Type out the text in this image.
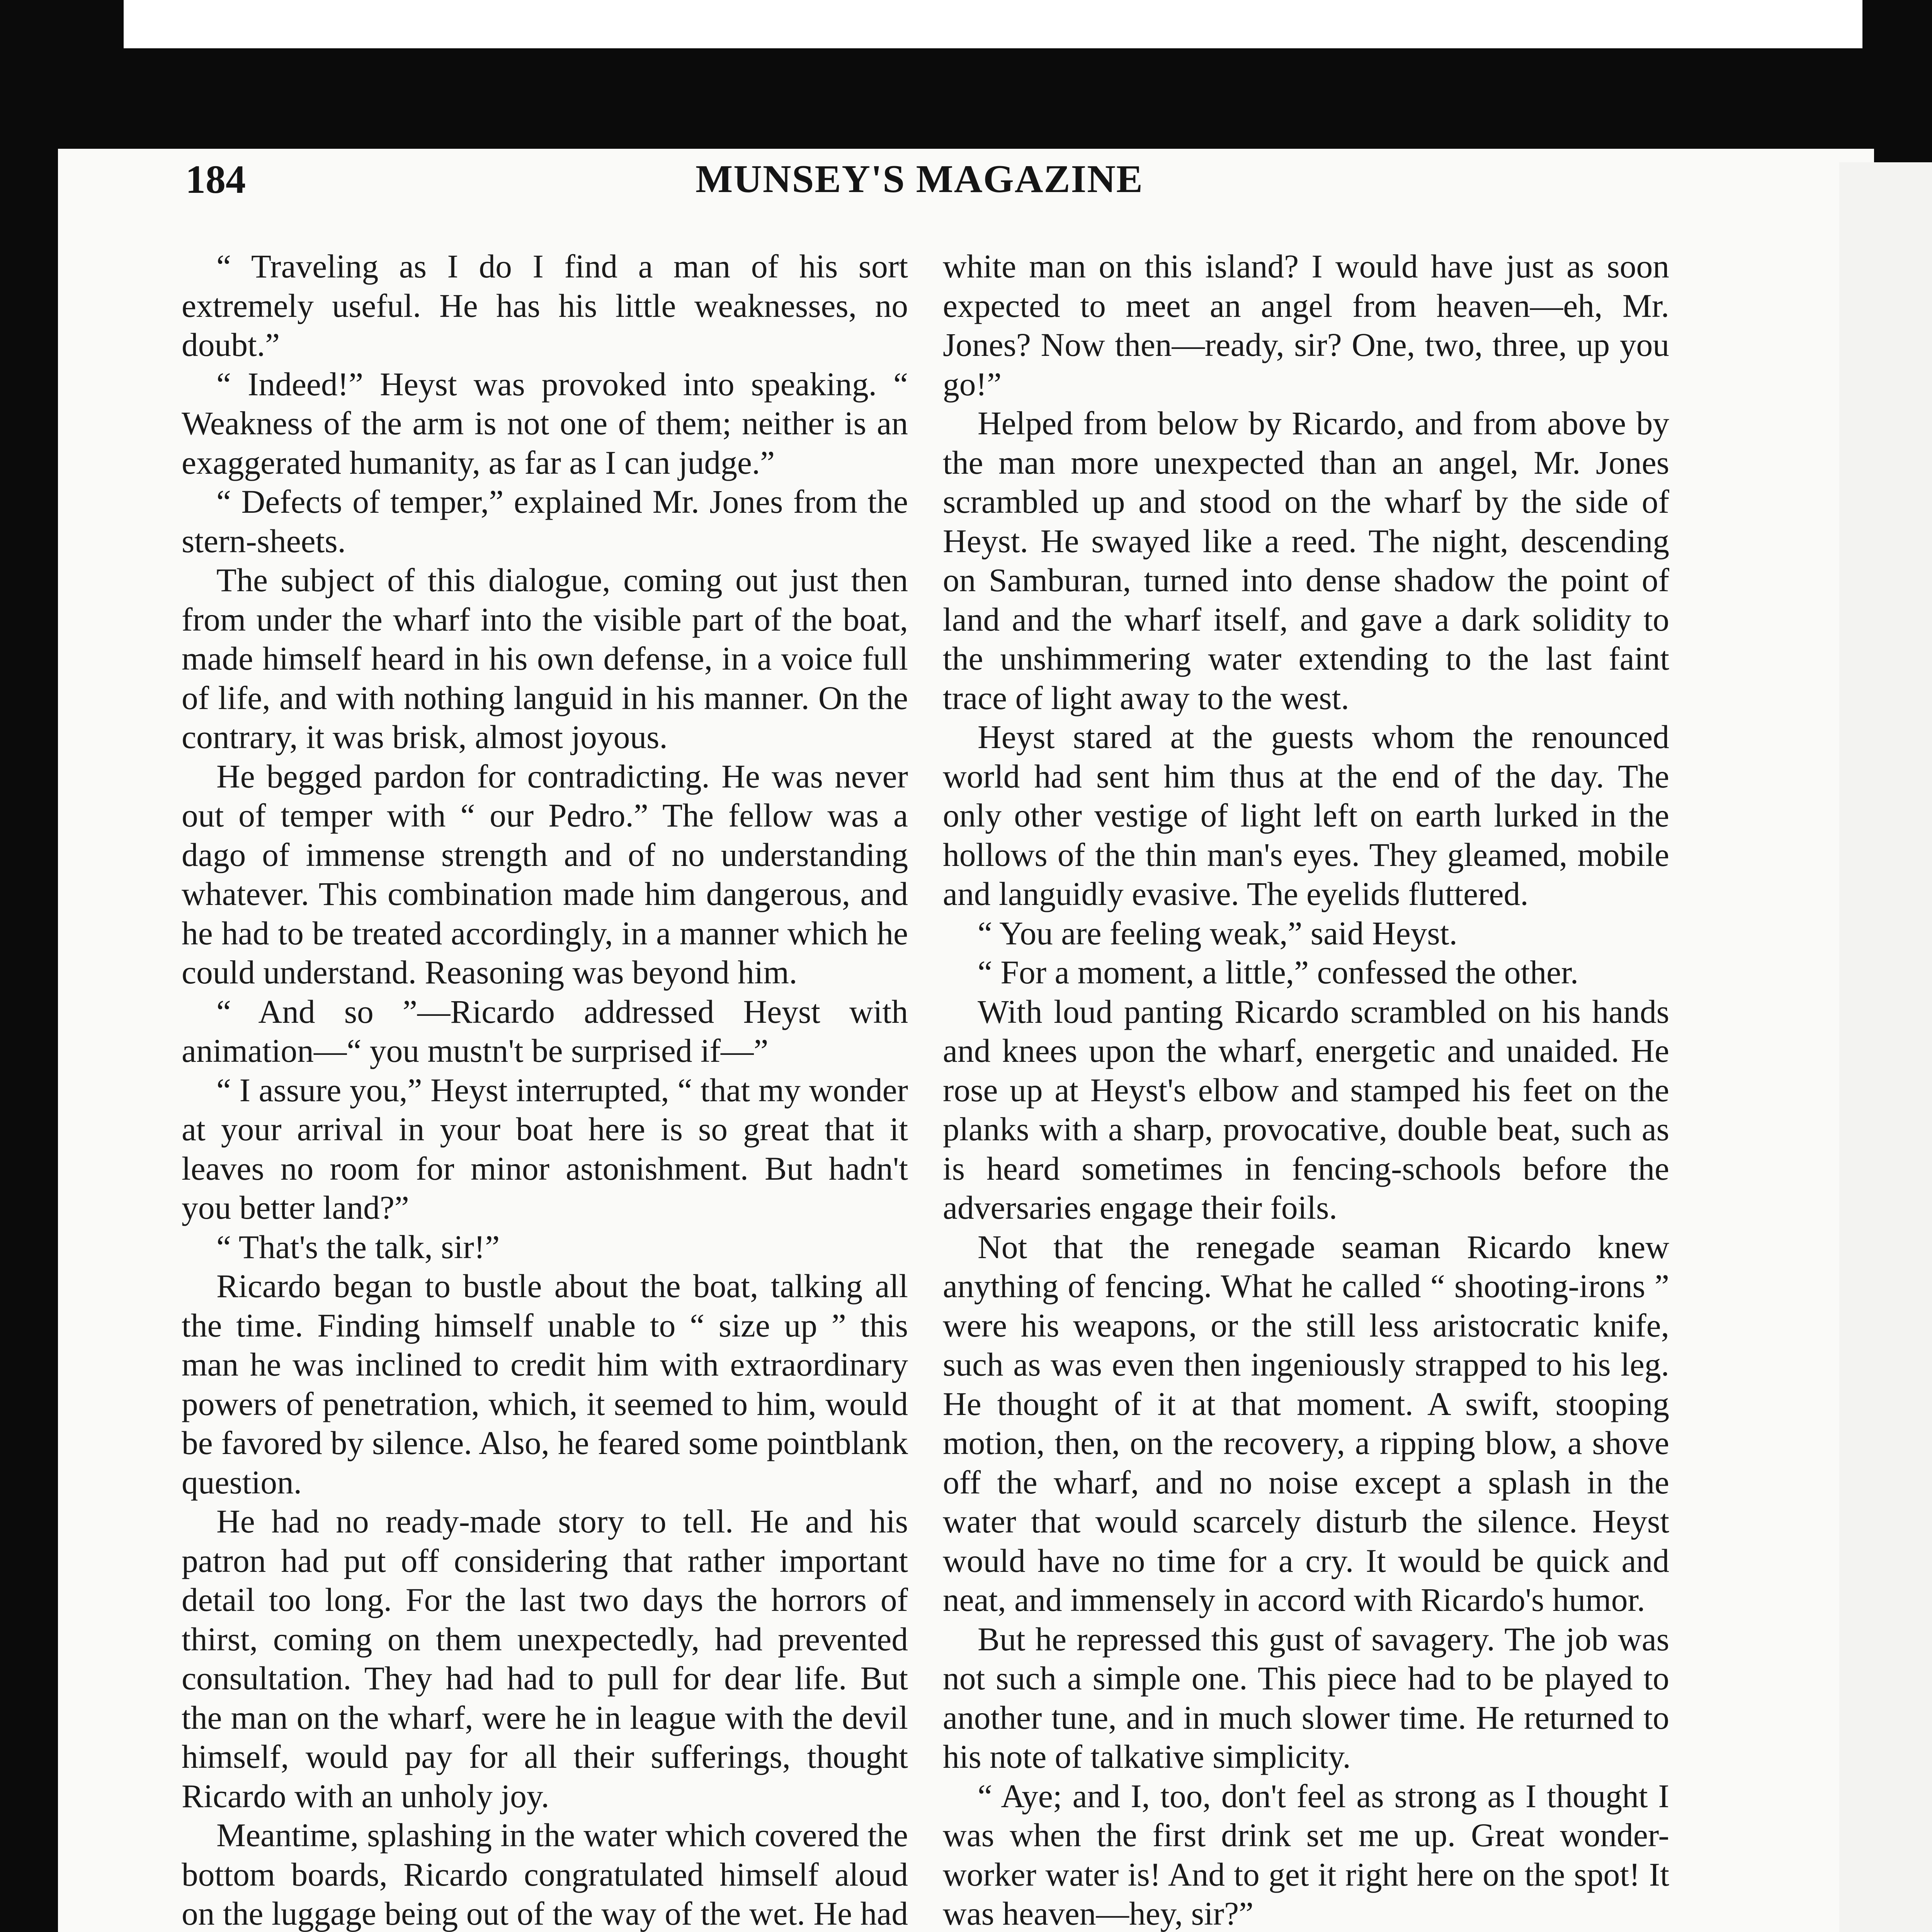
184	MUNSEY'S MAGAZINE

“ Traveling as I do I find a man of his sort extremely useful. He has his little weaknesses, no doubt.”

“ Indeed!” Heyst was provoked into speaking. “ Weakness of the arm is not one of them; neither is an exaggerated humanity, as far as I can judge.”

“ Defects of temper,” explained Mr. Jones from the stern-sheets.

The subject of this dialogue, coming out just then from under the wharf into the visible part of the boat, made himself heard in his own defense, in a voice full of life, and with nothing languid in his manner. On the contrary, it was brisk, almost joyous.

He begged pardon for contradicting. He was never out of temper with “ our Pedro.” The fellow was a dago of immense strength and of no understanding whatever. This combination made him dangerous, and he had to be treated accordingly, in a manner which he could understand. Reasoning was beyond him.

“ And so ”—Ricardo addressed Heyst with animation—“ you mustn't be surprised if—”

“ I assure you,” Heyst interrupted, “ that my wonder at your arrival in your boat here is so great that it leaves no room for minor astonishment. But hadn't you better land?”

“ That's the talk, sir!”

Ricardo began to bustle about the boat, talking all the time. Finding himself unable to “ size up ” this man he was inclined to credit him with extraordinary powers of penetration, which, it seemed to him, would be favored by silence. Also, he feared some pointblank question.

He had no ready-made story to tell. He and his patron had put off considering that rather important detail too long. For the last two days the horrors of thirst, coming on them unexpectedly, had prevented consultation. They had had to pull for dear life. But the man on the wharf, were he in league with the devil himself, would pay for all their sufferings, thought Ricardo with an unholy joy.

Meantime, splashing in the water which covered the bottom boards, Ricardo congratulated himself aloud on the luggage being out of the way of the wet. He had

white man on this island? I would have just as soon expected to meet an angel from heaven—eh, Mr. Jones? Now then—ready, sir? One, two, three, up you go!”

Helped from below by Ricardo, and from above by the man more unexpected than an angel, Mr. Jones scrambled up and stood on the wharf by the side of Heyst. He swayed like a reed. The night, descending on Samburan, turned into dense shadow the point of land and the wharf itself, and gave a dark solidity to the unshimmering water extending to the last faint trace of light away to the west.

Heyst stared at the guests whom the renounced world had sent him thus at the end of the day. The only other vestige of light left on earth lurked in the hollows of the thin man's eyes. They gleamed, mobile and languidly evasive. The eyelids fluttered.

“ You are feeling weak,” said Heyst.

“ For a moment, a little,” confessed the other.

With loud panting Ricardo scrambled on his hands and knees upon the wharf, energetic and unaided. He rose up at Heyst's elbow and stamped his feet on the planks with a sharp, provocative, double beat, such as is heard sometimes in fencing-schools before the adversaries engage their foils.

Not that the renegade seaman Ricardo knew anything of fencing. What he called “ shooting-irons ” were his weapons, or the still less aristocratic knife, such as was even then ingeniously strapped to his leg. He thought of it at that moment. A swift, stooping motion, then, on the recovery, a ripping blow, a shove off the wharf, and no noise except a splash in the water that would scarcely disturb the silence. Heyst would have no time for a cry. It would be quick and neat, and immensely in accord with Ricardo's humor.

But he repressed this gust of savagery. The job was not such a simple one. This piece had to be played to another tune, and in much slower time. He returned to his note of talkative simplicity.

“ Aye; and I, too, don't feel as strong as I thought I was when the first drink set me up. Great wonder-worker water is! And to get it right here on the spot! It was heaven—hey, sir?”
